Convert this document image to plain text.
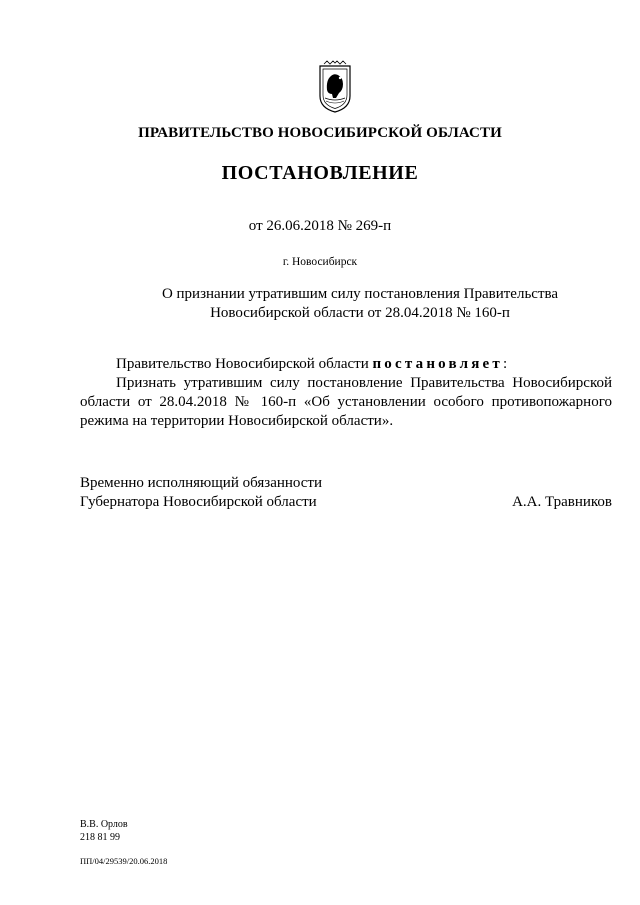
ПРАВИТЕЛЬСТВО НОВОСИБИРСКОЙ ОБЛАСТИ
ПОСТАНОВЛЕНИЕ
от 26.06.2018 № 269-п
г. Новосибирск
О признании утратившим силу постановления Правительства
Новосибирской области от 28.04.2018 № 160-п

Правительство Новосибирской области постановляет:

Признать утратившим силу постановление Правительства Новосибирской области от 28.04.2018 № 160-п «Об установлении особого противопожарного режима на территории Новосибирской области».

Временно исполняющий обязанности
Губернатора Новосибирской области	А.А. Травников
В.В. Орлов
218 81 99
ПП/04/29539/20.06.2018
